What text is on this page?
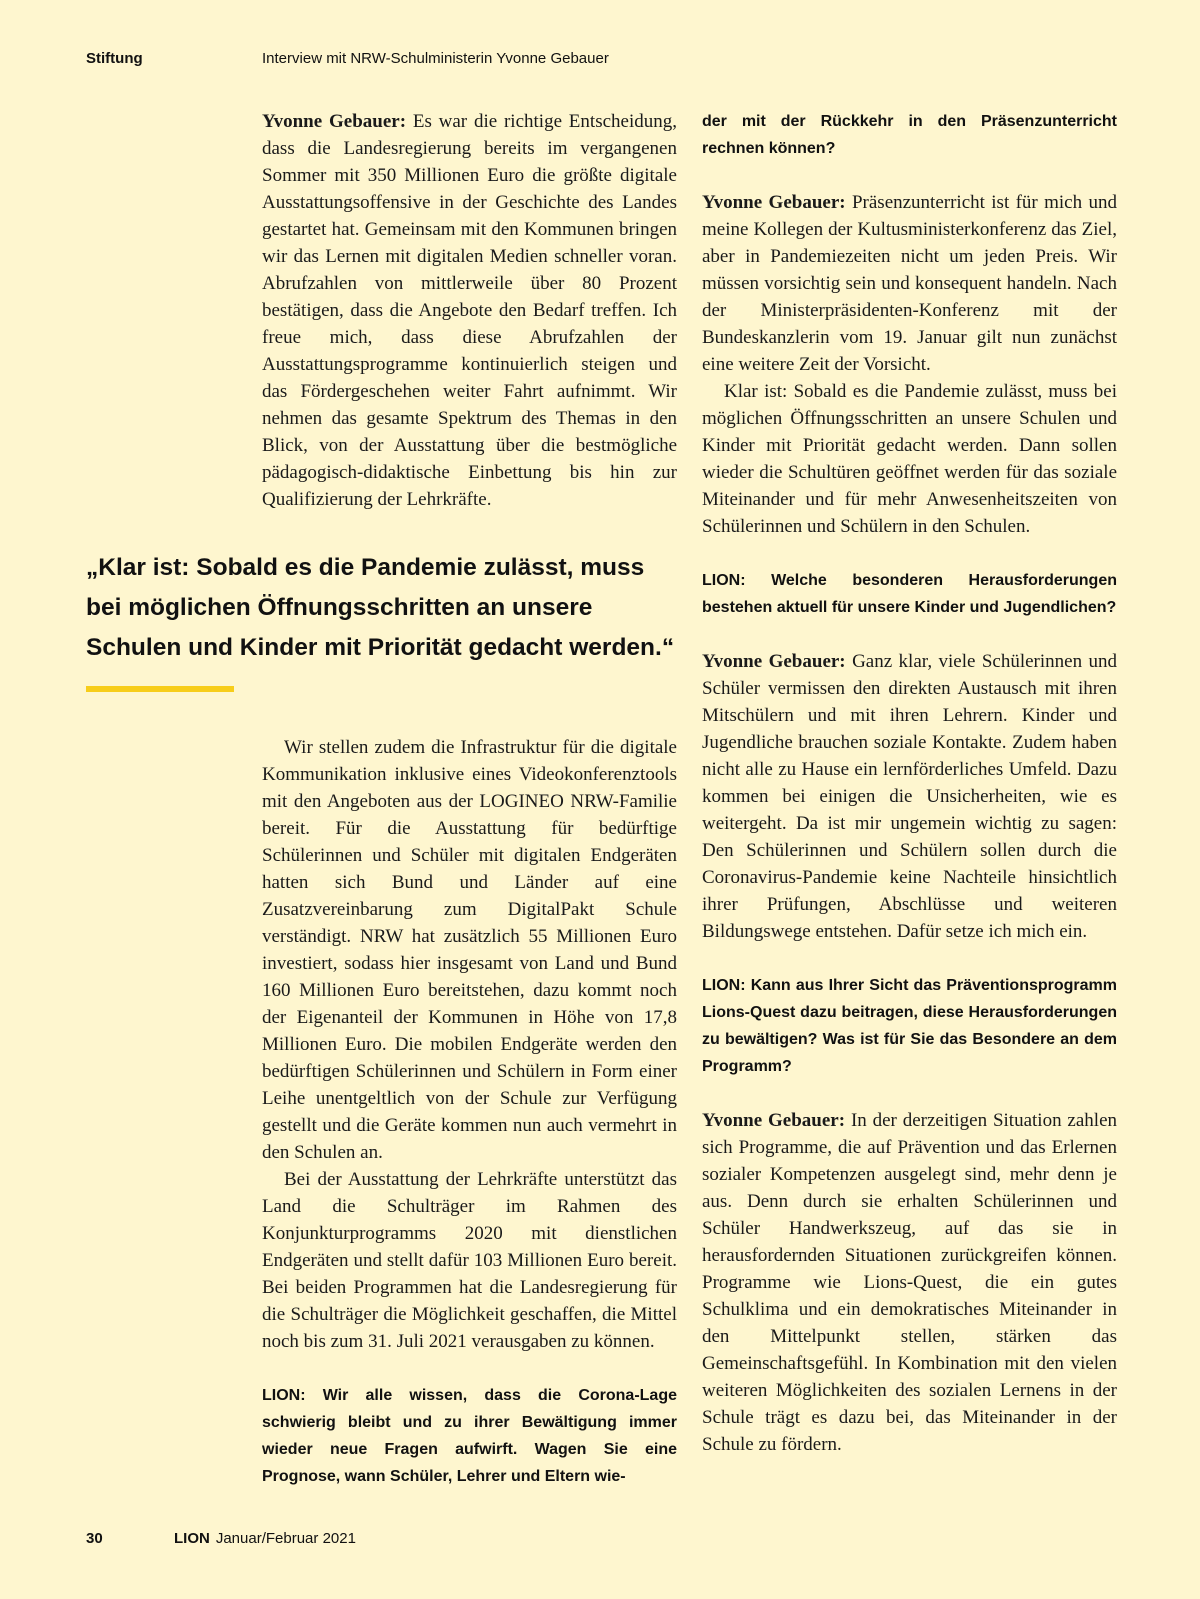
Stiftung	Interview mit NRW-Schulministerin Yvonne Gebauer

Yvonne Gebauer: Es war die richtige Entscheidung, dass die Landesregierung bereits im vergangenen Sommer mit 350 Millionen Euro die größte digitale Ausstattungsoffensive in der Geschichte des Landes gestartet hat. Gemeinsam mit den Kommunen bringen wir das Lernen mit digitalen Medien schneller voran. Abrufzahlen von mittlerweile über 80 Prozent bestätigen, dass die Angebote den Bedarf treffen. Ich freue mich, dass diese Abrufzahlen der Ausstattungsprogramme kontinuierlich steigen und das Fördergeschehen weiter Fahrt aufnimmt. Wir nehmen das gesamte Spektrum des Themas in den Blick, von der Ausstattung über die bestmögliche pädagogisch-didaktische Einbettung bis hin zur Qualifizierung der Lehrkräfte.

„Klar ist: Sobald es die Pandemie zulässt, muss bei möglichen Öffnungsschritten an unsere Schulen und Kinder mit Priorität gedacht werden.“

Wir stellen zudem die Infrastruktur für die digitale Kommunikation inklusive eines Videokonferenztools mit den Angeboten aus der LOGINEO NRW-Familie bereit. Für die Ausstattung für bedürftige Schülerinnen und Schüler mit digitalen Endgeräten hatten sich Bund und Länder auf eine Zusatzvereinbarung zum DigitalPakt Schule verständigt. NRW hat zusätzlich 55 Millionen Euro investiert, sodass hier insgesamt von Land und Bund 160 Millionen Euro bereitstehen, dazu kommt noch der Eigenanteil der Kommunen in Höhe von 17,8 Millionen Euro. Die mobilen Endgeräte werden den bedürftigen Schülerinnen und Schülern in Form einer Leihe unentgeltlich von der Schule zur Verfügung gestellt und die Geräte kommen nun auch vermehrt in den Schulen an.

Bei der Ausstattung der Lehrkräfte unterstützt das Land die Schulträger im Rahmen des Konjunkturprogramms 2020 mit dienstlichen Endgeräten und stellt dafür 103 Millionen Euro bereit. Bei beiden Programmen hat die Landesregierung für die Schulträger die Möglichkeit geschaffen, die Mittel noch bis zum 31. Juli 2021 verausgaben zu können.

LION: Wir alle wissen, dass die Corona-Lage schwierig bleibt und zu ihrer Bewältigung immer wieder neue Fragen aufwirft. Wagen Sie eine Prognose, wann Schüler, Lehrer und Eltern wie-

der mit der Rückkehr in den Präsenzunterricht rechnen können?

Yvonne Gebauer: Präsenzunterricht ist für mich und meine Kollegen der Kultusministerkonferenz das Ziel, aber in Pandemiezeiten nicht um jeden Preis. Wir müssen vorsichtig sein und konsequent handeln. Nach der Ministerpräsidenten-Konferenz mit der Bundeskanzlerin vom 19. Januar gilt nun zunächst eine weitere Zeit der Vorsicht.

Klar ist: Sobald es die Pandemie zulässt, muss bei möglichen Öffnungsschritten an unsere Schulen und Kinder mit Priorität gedacht werden. Dann sollen wieder die Schultüren geöffnet werden für das soziale Miteinander und für mehr Anwesenheitszeiten von Schülerinnen und Schülern in den Schulen.

LION: Welche besonderen Herausforderungen bestehen aktuell für unsere Kinder und Jugendlichen?

Yvonne Gebauer: Ganz klar, viele Schülerinnen und Schüler vermissen den direkten Austausch mit ihren Mitschülern und mit ihren Lehrern. Kinder und Jugendliche brauchen soziale Kontakte. Zudem haben nicht alle zu Hause ein lernförderliches Umfeld. Dazu kommen bei einigen die Unsicherheiten, wie es weitergeht. Da ist mir ungemein wichtig zu sagen: Den Schülerinnen und Schülern sollen durch die Coronavirus-Pandemie keine Nachteile hinsichtlich ihrer Prüfungen, Abschlüsse und weiteren Bildungswege entstehen. Dafür setze ich mich ein.

LION: Kann aus Ihrer Sicht das Präventionsprogramm Lions-Quest dazu beitragen, diese Herausforderungen zu bewältigen? Was ist für Sie das Besondere an dem Programm?

Yvonne Gebauer: In der derzeitigen Situation zahlen sich Programme, die auf Prävention und das Erlernen sozialer Kompetenzen ausgelegt sind, mehr denn je aus. Denn durch sie erhalten Schülerinnen und Schüler Handwerkszeug, auf das sie in herausfordernden Situationen zurückgreifen können. Programme wie Lions-Quest, die ein gutes Schulklima und ein demokratisches Miteinander in den Mittelpunkt stellen, stärken das Gemeinschaftsgefühl. In Kombination mit den vielen weiteren Möglichkeiten des sozialen Lernens in der Schule trägt es dazu bei, das Miteinander in der Schule zu fördern.

30	LION Januar/Februar 2021
